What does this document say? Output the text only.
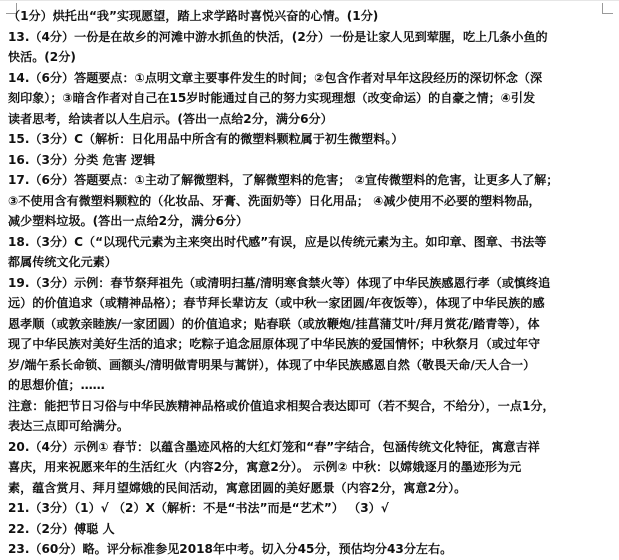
（1分）烘托出“我”实现愿望，踏上求学路时喜悦兴奋的心情。(1分)
13.（4分）一份是在故乡的河滩中游水抓鱼的快活，(2分）一份是让家人见到荤腥，吃上几条小鱼的
快活。(2分)
14.（6分）答题要点：①点明文章主要事件发生的时间；②包含作者对早年这段经历的深切怀念（深
刻印象）；③暗含作者对自己在15岁时能通过自己的努力实现理想（改变命运）的自豪之情；④引发
读者思考，给读者以人生启示。(答出一点给2分，满分6分）
15.（3分）C（解析：日化用品中所含有的微塑料颗粒属于初生微塑料。）
16.（3分）分类 危害 逻辑
17.（6分）答题要点：①主动了解微塑料，了解微塑料的危害； ②宣传微塑料的危害，让更多人了解；
③不使用含有微塑料颗粒的（化妆品、牙膏、洗面奶等）日化用品； ④减少使用不必要的塑料物品，
减少塑料垃圾。(答出一点给2分，满分6分）
18.（3分）C（“以现代元素为主来突出时代感”有误，应是以传统元素为主。如印章、图章、书法等
都属传统文化元素）
19.（3分）示例：春节祭拜祖先（或清明扫墓/清明寒食禁火等）体现了中华民族感恩行孝（或慎终追
远）的价值追求（或精神品格）；春节拜长辈访友（或中秋一家团圆/年夜饭等），体现了中华民族的感
恩孝顺（或敦亲睦族/一家团圆）的价值追求；贴春联（或放鞭炮/挂菖蒲艾叶/拜月赏花/踏青等），体
现了中华民族对美好生活的追求；吃粽子追念屈原体现了中华民族的爱国情怀；中秋祭月（或过年守
岁/端午系长命锁、画额头/清明做青明果与蒿饼），体现了中华民族感恩自然（敬畏天命/天人合一）
的思想价值；……
注意：能把节日习俗与中华民族精神品格或价值追求相契合表达即可（若不契合，不给分），一点1分，
表达三点即可给满分。
20.（4分）示例① 春节：以蕴含墨迹风格的大红灯笼和“春”字结合，包涵传统文化特征，寓意吉祥
喜庆，用来祝愿来年的生活红火（内容2分，寓意2分）。 示例② 中秋：以嫦娥逐月的墨迹形为元
素，蕴含赏月、拜月望嫦娥的民间活动，寓意团圆的美好愿景（内容2分，寓意2分）。
21.（3分）（1）√ （2）X（解析：不是“书法”而是“艺术”） （3）√
22.（2分）傅聪 人
23.（60分）略。评分标准参见2018年中考。切入分45分，预估均分43分左右。
